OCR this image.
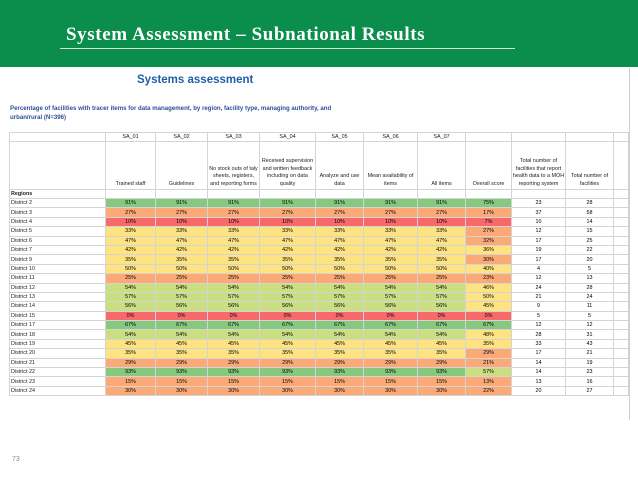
System Assessment – Subnational Results
Systems assessment
Percentage of facilities with tracer items for data management, by region, facility type, managing authority, and urban/rural (N=396)
	SA_01	SA_02	SA_03	SA_04	SA_05	SA_06	SA_07				
	Trained staff	Guidelines	No stock outs of taly sheets, registers, and reporting forms	Received supervision and written feedback including on data quality	Analyze and use data	Mean availability of items	All items	Overall score	Total number of facilities that report health data to a MOH reporting system	Total number of facilities	
Regions											
District 2	91%	91%	91%	91%	91%	91%	91%	75%	23	28	
District 3	27%	27%	27%	27%	27%	27%	27%	17%	37	58	
District 4	10%	10%	10%	10%	10%	10%	10%	7%	10	14	
District 5	33%	33%	33%	33%	33%	33%	33%	27%	12	15	
District 6	47%	47%	47%	47%	47%	47%	47%	32%	17	25	
District 7	42%	42%	42%	42%	42%	42%	42%	36%	19	22	
District 9	35%	35%	35%	35%	35%	35%	35%	30%	17	20	
District 10	50%	50%	50%	50%	50%	50%	50%	40%	4	5	
District 11	25%	25%	25%	25%	25%	25%	25%	23%	12	13	
District 12	54%	54%	54%	54%	54%	54%	54%	46%	24	28	
District 13	57%	57%	57%	57%	57%	57%	57%	50%	21	24	
District 14	56%	56%	56%	56%	56%	56%	56%	45%	9	11	
District 15	0%	0%	0%	0%	0%	0%	0%	0%	5	5	
District 17	67%	67%	67%	67%	67%	67%	67%	67%	12	12	
District 18	54%	54%	54%	54%	54%	54%	54%	48%	28	31	
District 19	45%	45%	45%	45%	45%	45%	45%	35%	33	43	
District 20	35%	35%	35%	35%	35%	35%	35%	29%	17	21	
District 21	29%	29%	29%	29%	29%	29%	29%	21%	14	19	
District 22	93%	93%	93%	93%	93%	93%	93%	57%	14	23	
District 23	15%	15%	15%	15%	15%	15%	15%	13%	13	16	
District 24	30%	30%	30%	30%	30%	30%	30%	22%	20	27	
73
